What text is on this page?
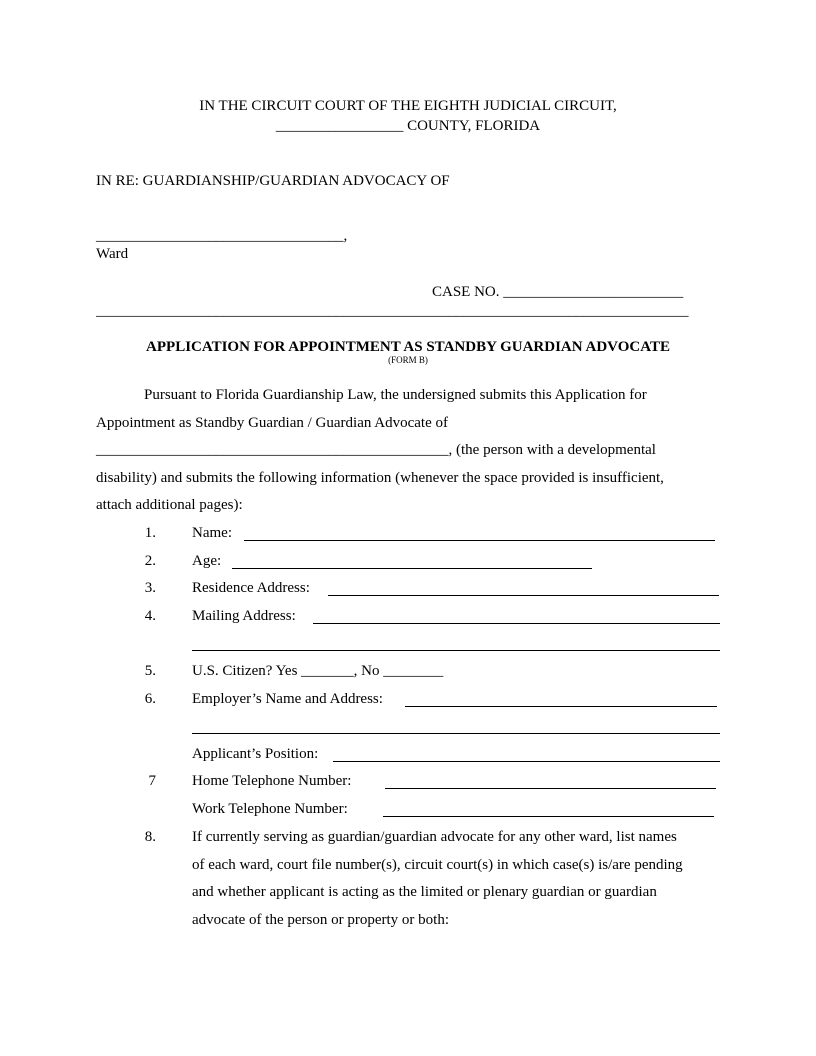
IN THE CIRCUIT COURT OF THE EIGHTH JUDICIAL CIRCUIT,
_________________ COUNTY, FLORIDA
IN RE: GUARDIANSHIP/GUARDIAN ADVOCACY OF
_________________________________,
Ward
CASE NO. ________________________
_______________________________________________________________________________
APPLICATION FOR APPOINTMENT AS STANDBY GUARDIAN ADVOCATE
(FORM B)
Pursuant to Florida Guardianship Law, the undersigned submits this Application for
Appointment as Standby Guardian / Guardian Advocate of
_______________________________________________, (the person with a developmental
disability) and submits the following information (whenever the space provided is insufficient,
attach additional pages):
1. Name:
2. Age:
3. Residence Address:
4. Mailing Address:
5. U.S. Citizen? Yes _______, No ________
6. Employer’s Name and Address:
Applicant’s Position:
7 Home Telephone Number:
Work Telephone Number:
8. If currently serving as guardian/guardian advocate for any other ward, list names
of each ward, court file number(s), circuit court(s) in which case(s) is/are pending
and whether applicant is acting as the limited or plenary guardian or guardian
advocate of the person or property or both:
